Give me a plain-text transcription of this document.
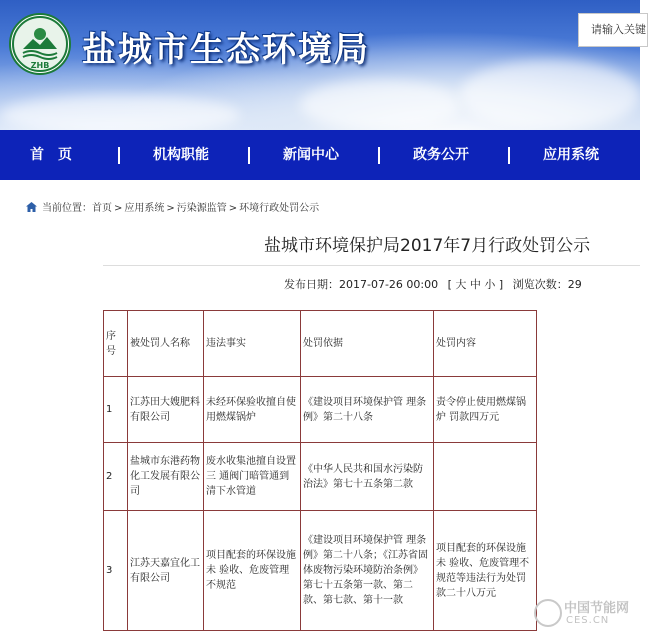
ZHB 盐城市生态环境局
请输入关键
首　页	机构职能	新闻中心	政务公开	应用系统
当前位置：首页 > 应用系统 > 污染源监管 > 环境行政处罚公示
盐城市环境保护局2017年7月行政处罚公示
发布日期：2017-07-26 00:00 [ 大 中 小 ] 浏览次数：29
序号	被处罚人名称	违法事实	处罚依据	处罚内容
1	江苏田大嫂肥料有限公司	未经环保验收擅自使用燃煤锅炉	《建设项目环境保护管 理条例》第二十八条	责令停止使用燃煤锅炉 罚款四万元
2	盐城市东港药物化工发展有限公司	废水收集池擅自设置三 通阀门暗管通到清下水管道	《中华人民共和国水污染防治法》第七十五条第二款	
3	江苏天嘉宜化工有限公司	项目配套的环保设施未 验收、危废管理不规范	《建设项目环境保护管 理条例》第二十八条；《江苏省固体废物污染环境防治条例》第七十五条第一款、第二款、第七款、第十一款	项目配套的环保设施未 验收、危废管理不规范等违法行为处罚款二十八万元
中国节能网
CES.CN
